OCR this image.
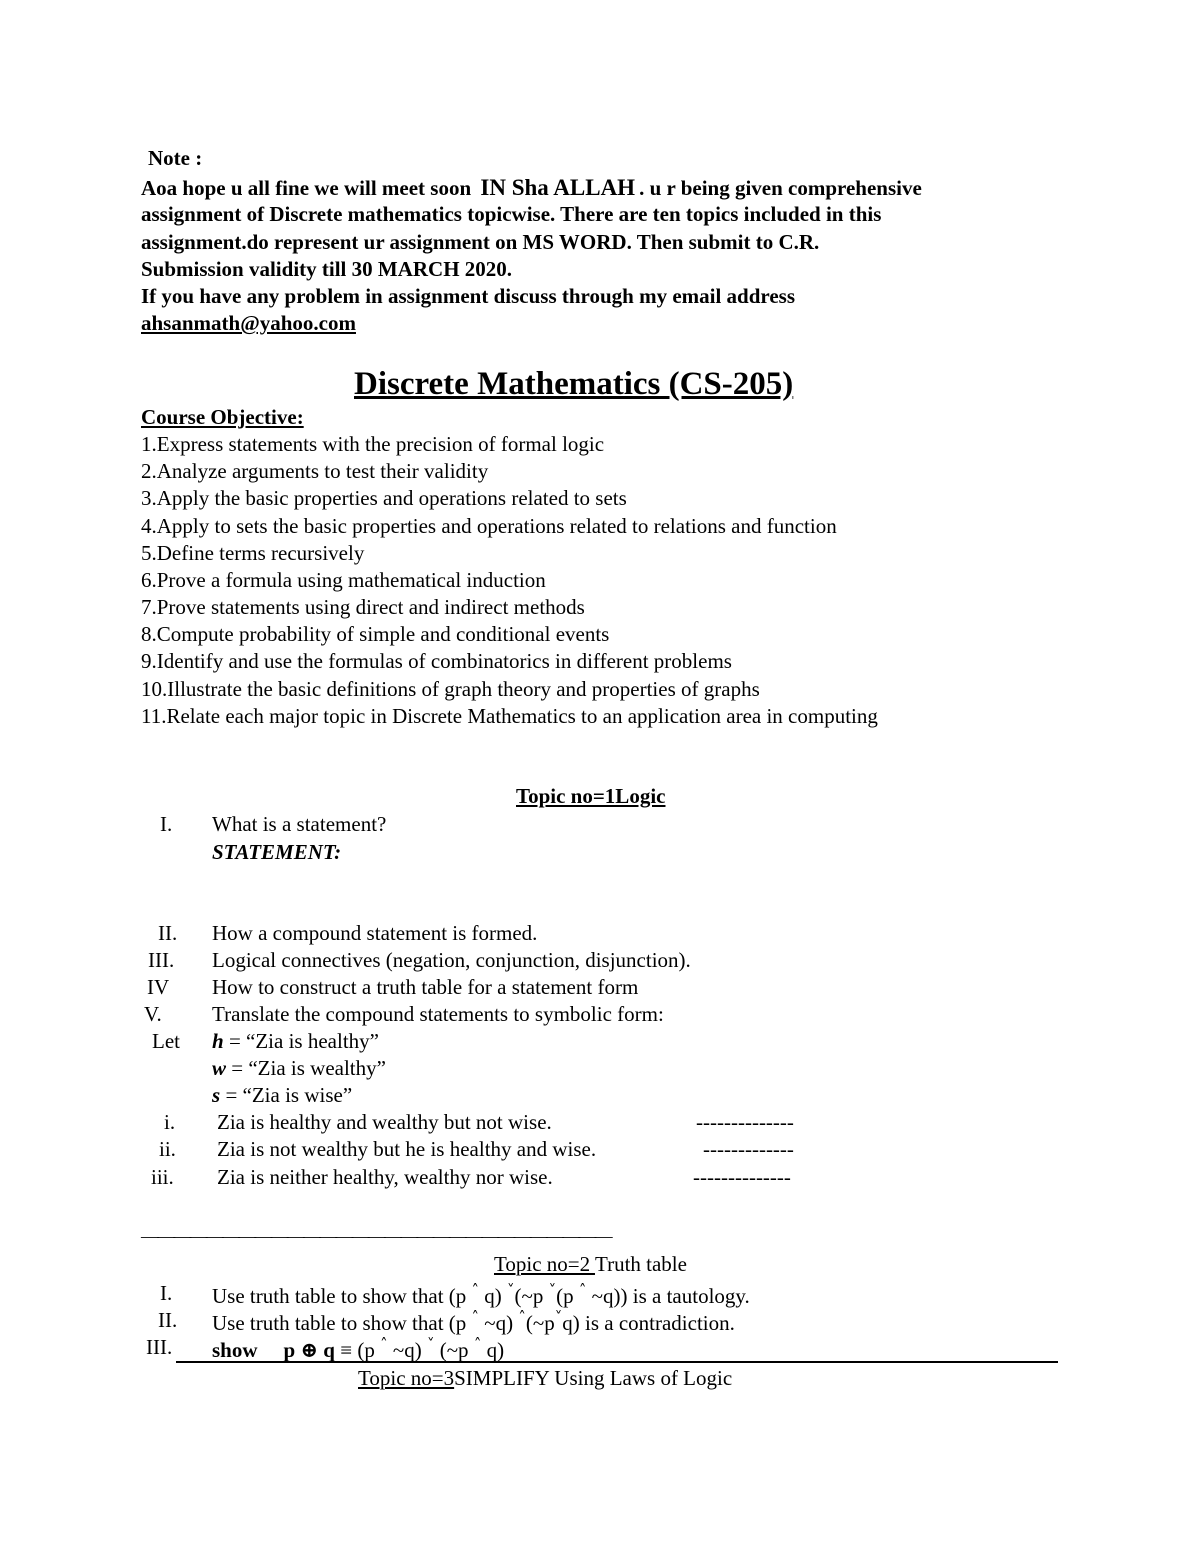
Note :
Aoa hope u all fine we will meet soon IN Sha ALLAH . u r being given comprehensive
assignment of Discrete mathematics topicwise. There are ten topics included in this
assignment.do represent ur assignment on MS WORD. Then submit to C.R.
Submission validity till 30 MARCH 2020.
If you have any problem in assignment discuss through my email address
ahsanmath@yahoo.com
Discrete Mathematics (CS-205)
Course Objective:
1.Express statements with the precision of formal logic
2.Analyze arguments to test their validity
3.Apply the basic properties and operations related to sets
4.Apply to sets the basic properties and operations related to relations and function
5.Define terms recursively
6.Prove a formula using mathematical induction
7.Prove statements using direct and indirect methods
8.Compute probability of simple and conditional events
9.Identify and use the formulas of combinatorics in different problems
10.Illustrate the basic definitions of graph theory and properties of graphs
11.Relate each major topic in Discrete Mathematics to an application area in computing
Topic no=1Logic
I. What is a statement?
STATEMENT:
II. How a compound statement is formed.
III. Logical connectives (negation, conjunction, disjunction).
IV How to construct a truth table for a statement form
V. Translate the compound statements to symbolic form:
Let h = “Zia is healthy”
w = “Zia is wealthy”
s = “Zia is wise”
i. Zia is healthy and wealthy but not wise.	--------------
ii. Zia is not wealthy but he is healthy and wise.	-------------
iii. Zia is neither healthy, wealthy nor wise.	--------------
—————————————————————————————
Topic no=2 Truth table
I. Use truth table to show that (p ˄ q) ˅(~p ˅(p ˄ ~q)) is a tautology.
II. Use truth table to show that (p ˄ ~q) ˄(~p˅q) is a contradiction.
III. show p ⊕ q ≡ (p ˄ ~q) ˅ (~p ˄ q)
Topic no=3SIMPLIFY Using Laws of Logic
